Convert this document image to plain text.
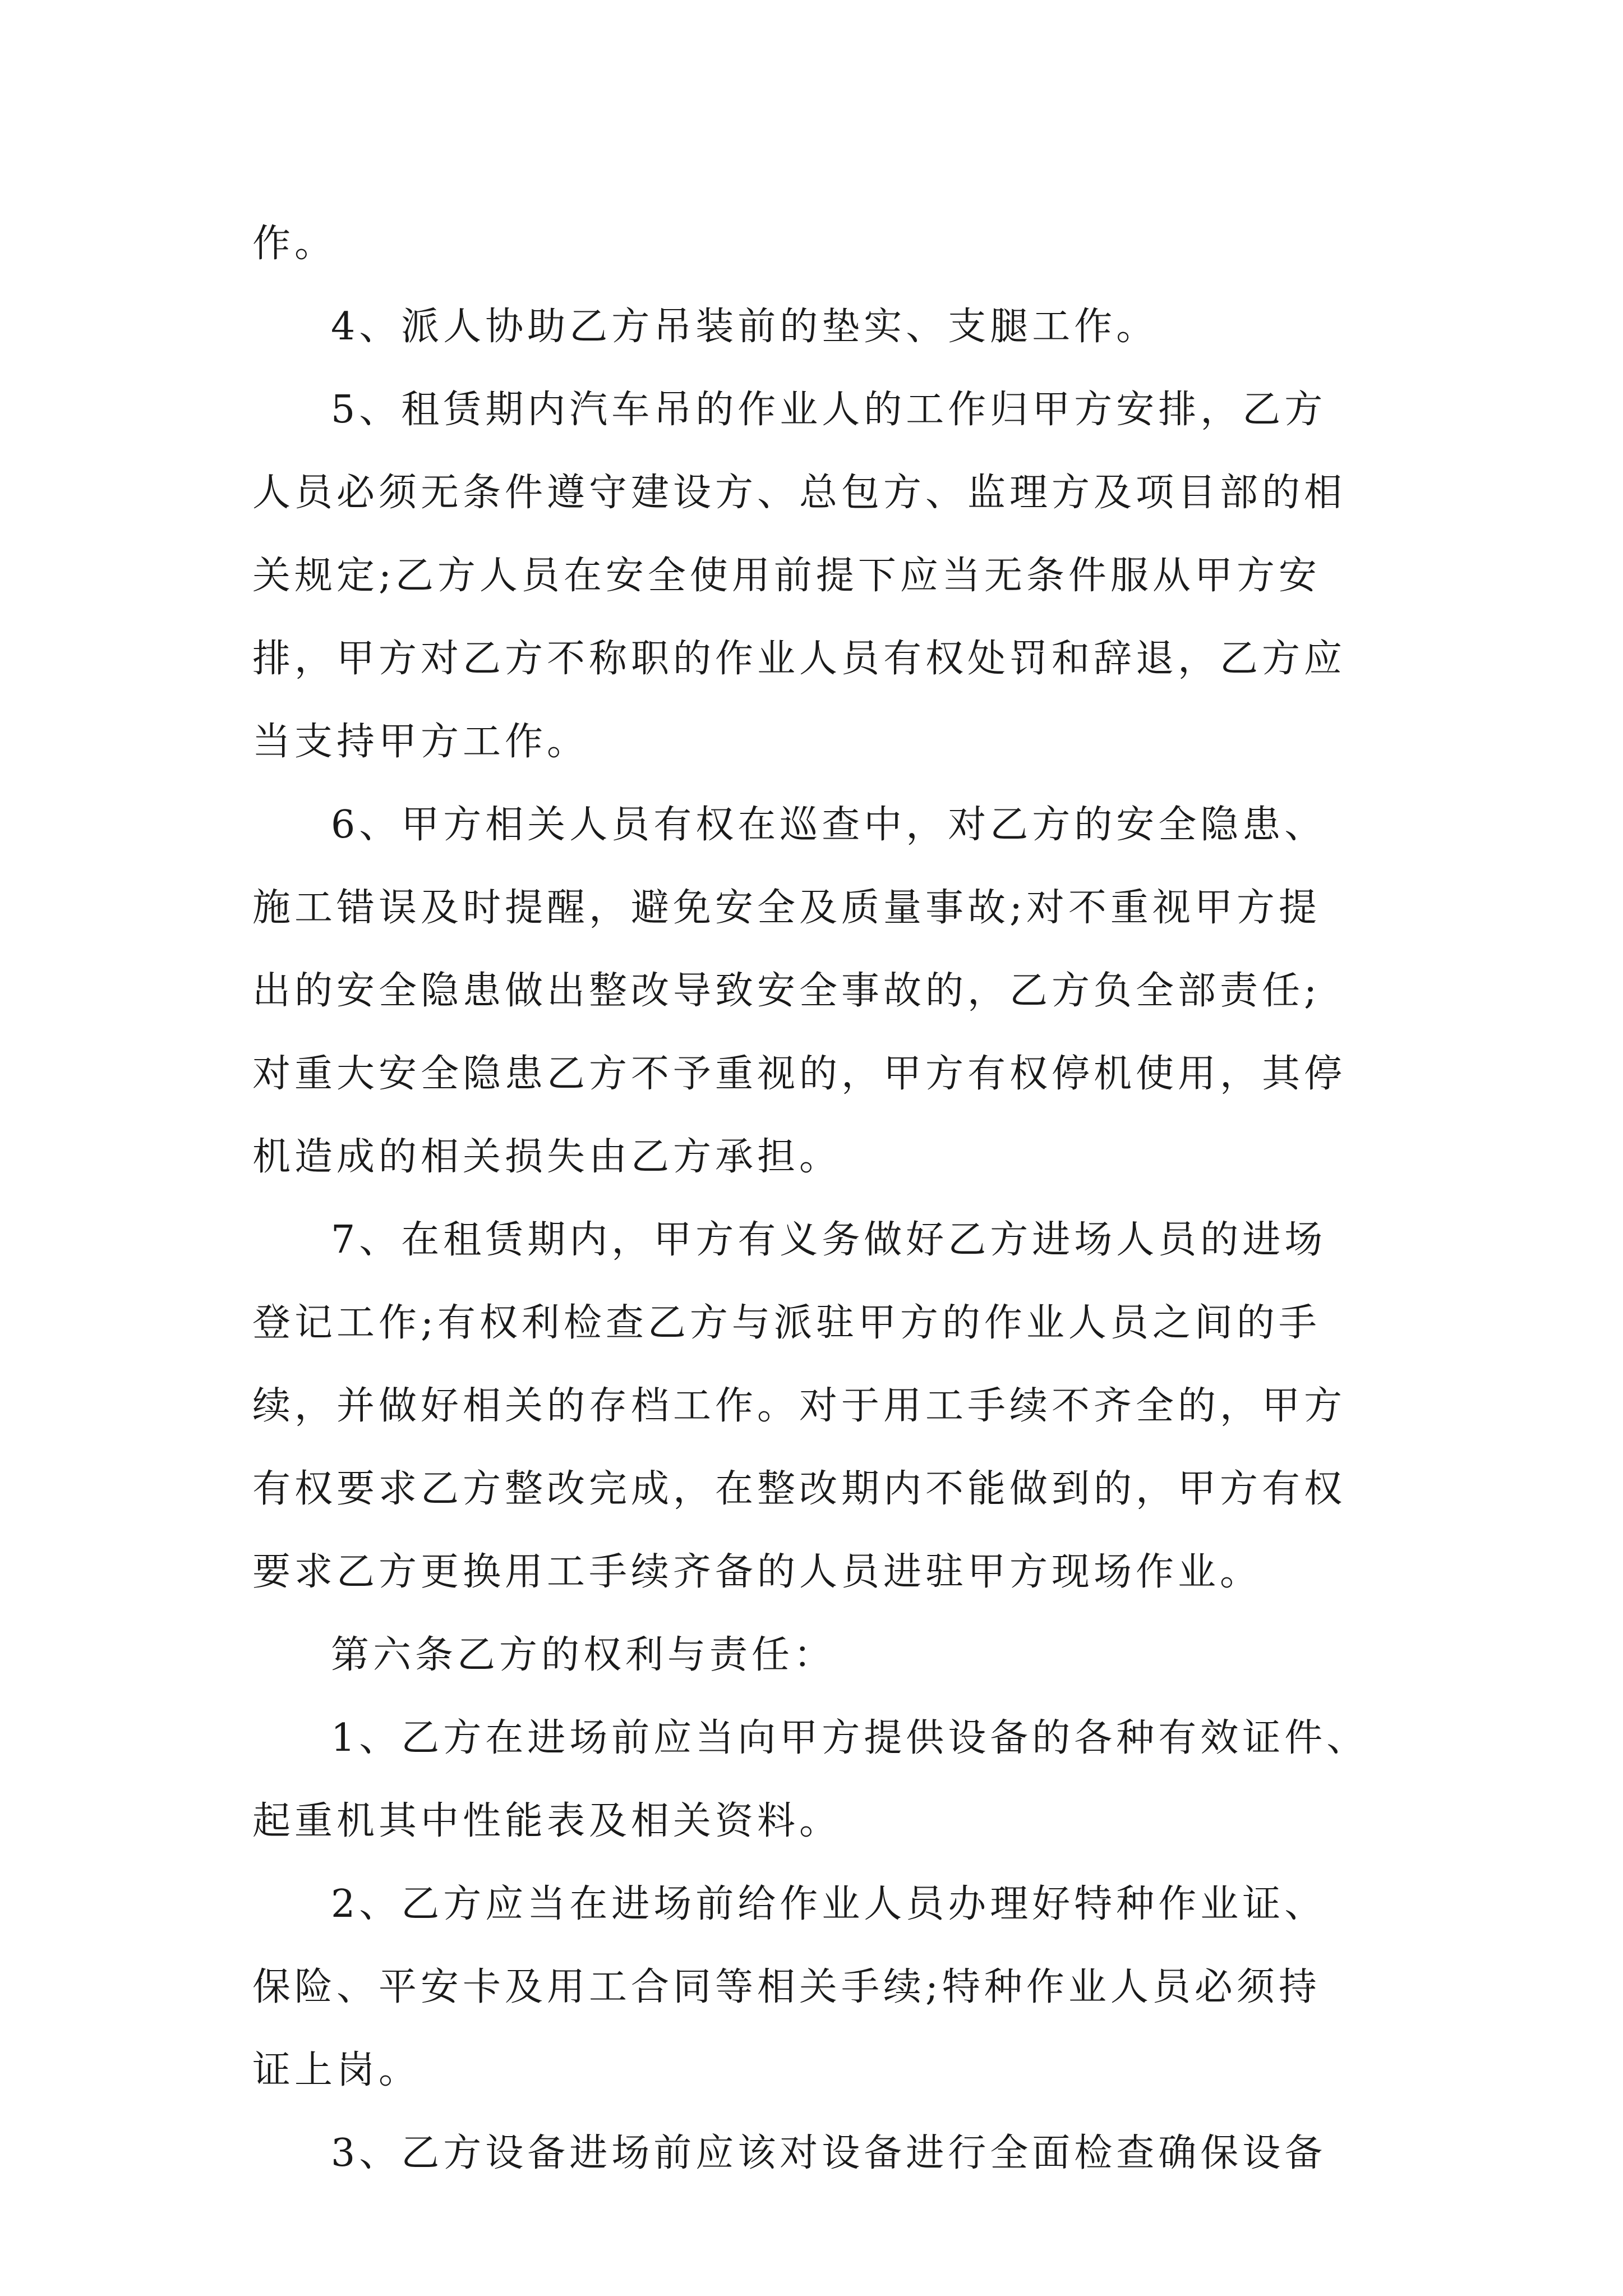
作。
4、派人协助乙方吊装前的垫实、支腿工作。
5、租赁期内汽车吊的作业人的工作归甲方安排，乙方
人员必须无条件遵守建设方、总包方、监理方及项目部的相
关规定;乙方人员在安全使用前提下应当无条件服从甲方安
排，甲方对乙方不称职的作业人员有权处罚和辞退，乙方应
当支持甲方工作。
6、甲方相关人员有权在巡查中，对乙方的安全隐患、
施工错误及时提醒，避免安全及质量事故;对不重视甲方提
出的安全隐患做出整改导致安全事故的，乙方负全部责任;
对重大安全隐患乙方不予重视的，甲方有权停机使用，其停
机造成的相关损失由乙方承担。
7、在租赁期内，甲方有义务做好乙方进场人员的进场
登记工作;有权利检查乙方与派驻甲方的作业人员之间的手
续，并做好相关的存档工作。对于用工手续不齐全的，甲方
有权要求乙方整改完成，在整改期内不能做到的，甲方有权
要求乙方更换用工手续齐备的人员进驻甲方现场作业。
第六条乙方的权利与责任：
1、乙方在进场前应当向甲方提供设备的各种有效证件、
起重机其中性能表及相关资料。
2、乙方应当在进场前给作业人员办理好特种作业证、
保险、平安卡及用工合同等相关手续;特种作业人员必须持
证上岗。
3、乙方设备进场前应该对设备进行全面检查确保设备
